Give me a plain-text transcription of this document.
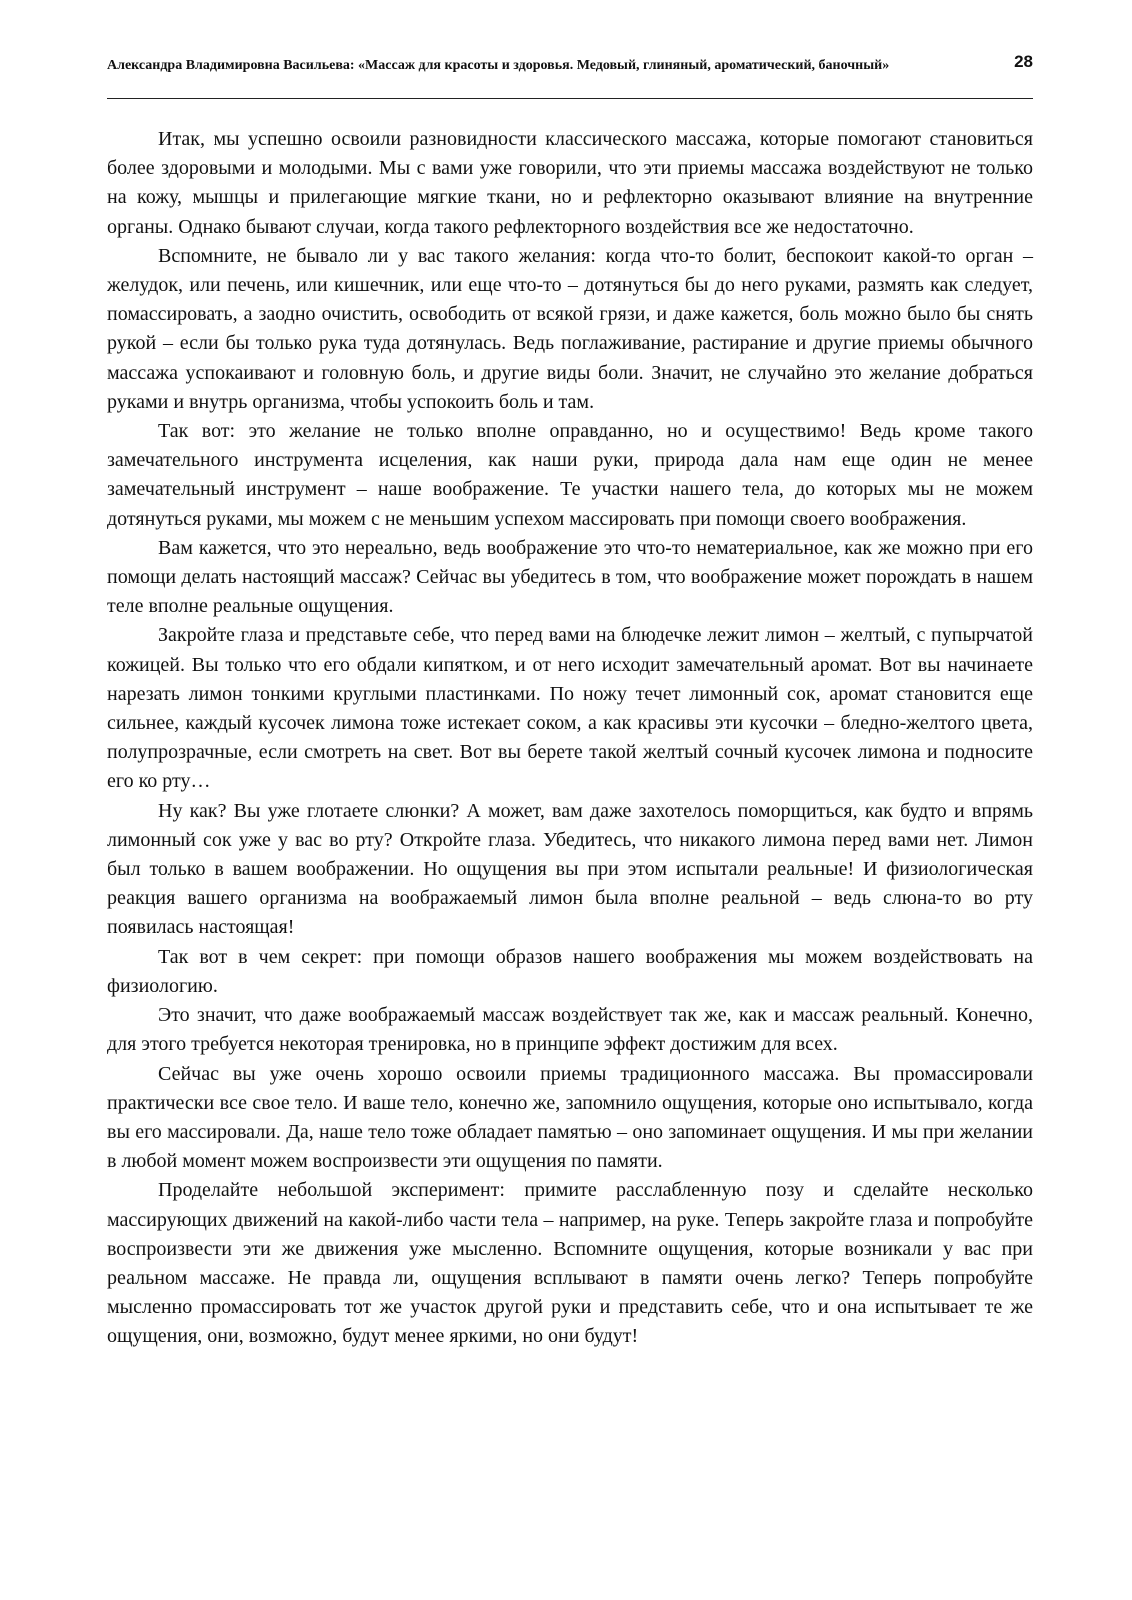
Александра Владимировна Васильева: «Массаж для красоты и здоровья. Медовый, глиняный, ароматический, баночный»	28

Итак, мы успешно освоили разновидности классического массажа, которые помогают становиться более здоровыми и молодыми. Мы с вами уже говорили, что эти приемы массажа воздействуют не только на кожу, мышцы и прилегающие мягкие ткани, но и рефлекторно оказывают влияние на внутренние органы. Однако бывают случаи, когда такого рефлекторного воздействия все же недостаточно.

Вспомните, не бывало ли у вас такого желания: когда что-то болит, беспокоит какой-то орган – желудок, или печень, или кишечник, или еще что-то – дотянуться бы до него руками, размять как следует, помассировать, а заодно очистить, освободить от всякой грязи, и даже кажется, боль можно было бы снять рукой – если бы только рука туда дотянулась. Ведь поглаживание, растирание и другие приемы обычного массажа успокаивают и головную боль, и другие виды боли. Значит, не случайно это желание добраться руками и внутрь организма, чтобы успокоить боль и там.

Так вот: это желание не только вполне оправданно, но и осуществимо! Ведь кроме такого замечательного инструмента исцеления, как наши руки, природа дала нам еще один не менее замечательный инструмент – наше воображение. Те участки нашего тела, до которых мы не можем дотянуться руками, мы можем с не меньшим успехом массировать при помощи своего воображения.

Вам кажется, что это нереально, ведь воображение это что-то нематериальное, как же можно при его помощи делать настоящий массаж? Сейчас вы убедитесь в том, что воображение может порождать в нашем теле вполне реальные ощущения.

Закройте глаза и представьте себе, что перед вами на блюдечке лежит лимон – желтый, с пупырчатой кожицей. Вы только что его обдали кипятком, и от него исходит замечательный аромат. Вот вы начинаете нарезать лимон тонкими круглыми пластинками. По ножу течет лимонный сок, аромат становится еще сильнее, каждый кусочек лимона тоже истекает соком, а как красивы эти кусочки – бледно-желтого цвета, полупрозрачные, если смотреть на свет. Вот вы берете такой желтый сочный кусочек лимона и подносите его ко рту…

Ну как? Вы уже глотаете слюнки? А может, вам даже захотелось поморщиться, как будто и впрямь лимонный сок уже у вас во рту? Откройте глаза. Убедитесь, что никакого лимона перед вами нет. Лимон был только в вашем воображении. Но ощущения вы при этом испытали реальные! И физиологическая реакция вашего организма на воображаемый лимон была вполне реальной – ведь слюна-то во рту появилась настоящая!

Так вот в чем секрет: при помощи образов нашего воображения мы можем воздействовать на физиологию.

Это значит, что даже воображаемый массаж воздействует так же, как и массаж реальный. Конечно, для этого требуется некоторая тренировка, но в принципе эффект достижим для всех.

Сейчас вы уже очень хорошо освоили приемы традиционного массажа. Вы промассировали практически все свое тело. И ваше тело, конечно же, запомнило ощущения, которые оно испытывало, когда вы его массировали. Да, наше тело тоже обладает памятью – оно запоминает ощущения. И мы при желании в любой момент можем воспроизвести эти ощущения по памяти.

Проделайте небольшой эксперимент: примите расслабленную позу и сделайте несколько массирующих движений на какой-либо части тела – например, на руке. Теперь закройте глаза и попробуйте воспроизвести эти же движения уже мысленно. Вспомните ощущения, которые возникали у вас при реальном массаже. Не правда ли, ощущения всплывают в памяти очень легко? Теперь попробуйте мысленно промассировать тот же участок другой руки и представить себе, что и она испытывает те же ощущения, они, возможно, будут менее яркими, но они будут!
